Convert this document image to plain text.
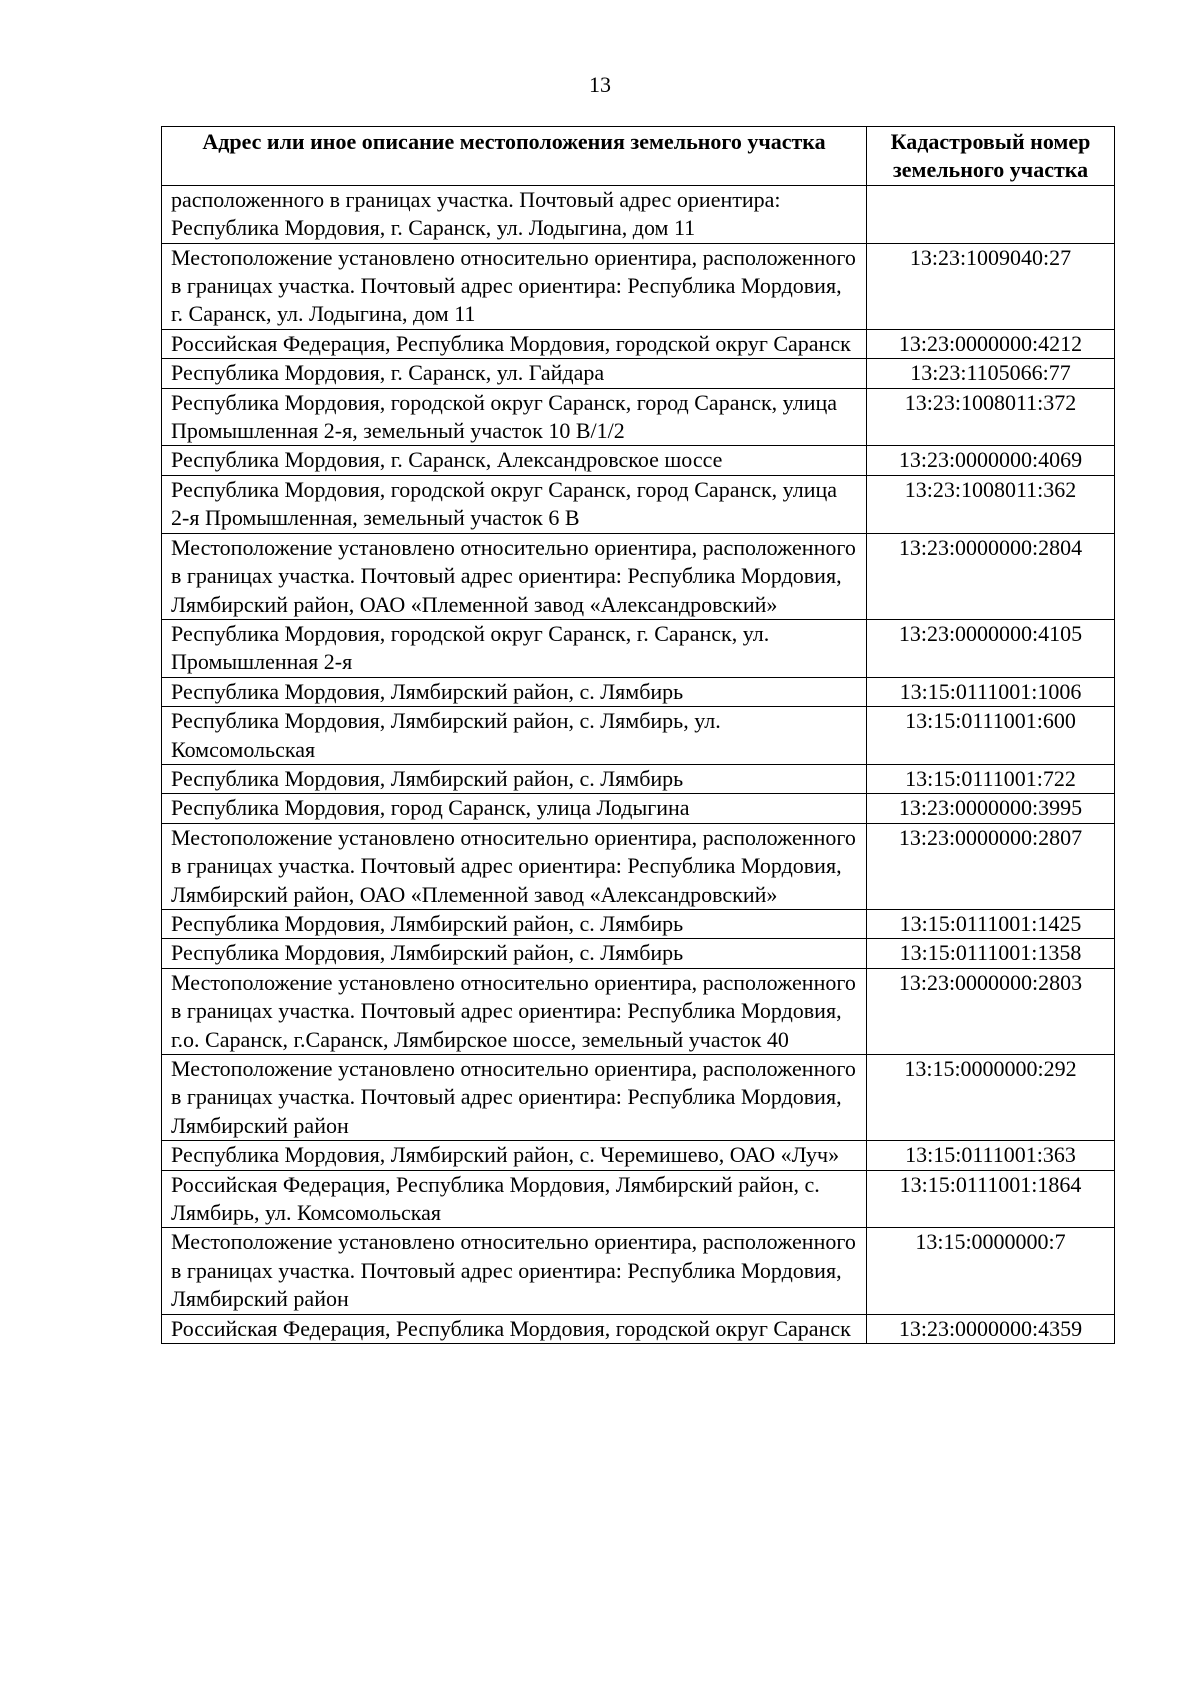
13
Адрес или иное описание местоположения земельного участка	Кадастровый номер земельного участка
расположенного в границах участка. Почтовый адрес ориентира: Республика Мордовия, г. Саранск, ул. Лодыгина, дом 11	
Местоположение установлено относительно ориентира, расположенного в границах участка. Почтовый адрес ориентира: Республика Мордовия, г. Саранск, ул. Лодыгина, дом 11	13:23:1009040:27
Российская Федерация, Республика Мордовия, городской округ Саранск	13:23:0000000:4212
Республика Мордовия, г. Саранск, ул. Гайдара	13:23:1105066:77
Республика Мордовия, городской округ Саранск, город Саранск, улица Промышленная 2-я, земельный участок 10 В/1/2	13:23:1008011:372
Республика Мордовия, г. Саранск, Александровское шоссе	13:23:0000000:4069
Республика Мордовия, городской округ Саранск, город Саранск, улица 2-я Промышленная, земельный участок 6 В	13:23:1008011:362
Местоположение установлено относительно ориентира, расположенного в границах участка. Почтовый адрес ориентира: Республика Мордовия, Лямбирский район, ОАО «Племенной завод «Александровский»	13:23:0000000:2804
Республика Мордовия, городской округ Саранск, г. Саранск, ул. Промышленная 2-я	13:23:0000000:4105
Республика Мордовия, Лямбирский район, с. Лямбирь	13:15:0111001:1006
Республика Мордовия, Лямбирский район, с. Лямбирь, ул. Комсомольская	13:15:0111001:600
Республика Мордовия, Лямбирский район, с. Лямбирь	13:15:0111001:722
Республика Мордовия, город Саранск, улица Лодыгина	13:23:0000000:3995
Местоположение установлено относительно ориентира, расположенного в границах участка. Почтовый адрес ориентира: Республика Мордовия, Лямбирский район, ОАО «Племенной завод «Александровский»	13:23:0000000:2807
Республика Мордовия, Лямбирский район, с. Лямбирь	13:15:0111001:1425
Республика Мордовия, Лямбирский район, с. Лямбирь	13:15:0111001:1358
Местоположение установлено относительно ориентира, расположенного в границах участка. Почтовый адрес ориентира: Республика Мордовия, г.о. Саранск, г.Саранск, Лямбирское шоссе, земельный участок 40	13:23:0000000:2803
Местоположение установлено относительно ориентира, расположенного в границах участка. Почтовый адрес ориентира: Республика Мордовия, Лямбирский район	13:15:0000000:292
Республика Мордовия, Лямбирский район, с. Черемишево, ОАО «Луч»	13:15:0111001:363
Российская Федерация, Республика Мордовия, Лямбирский район, с. Лямбирь, ул. Комсомольская	13:15:0111001:1864
Местоположение установлено относительно ориентира, расположенного в границах участка. Почтовый адрес ориентира: Республика Мордовия, Лямбирский район	13:15:0000000:7
Российская Федерация, Республика Мордовия, городской округ Саранск	13:23:0000000:4359
